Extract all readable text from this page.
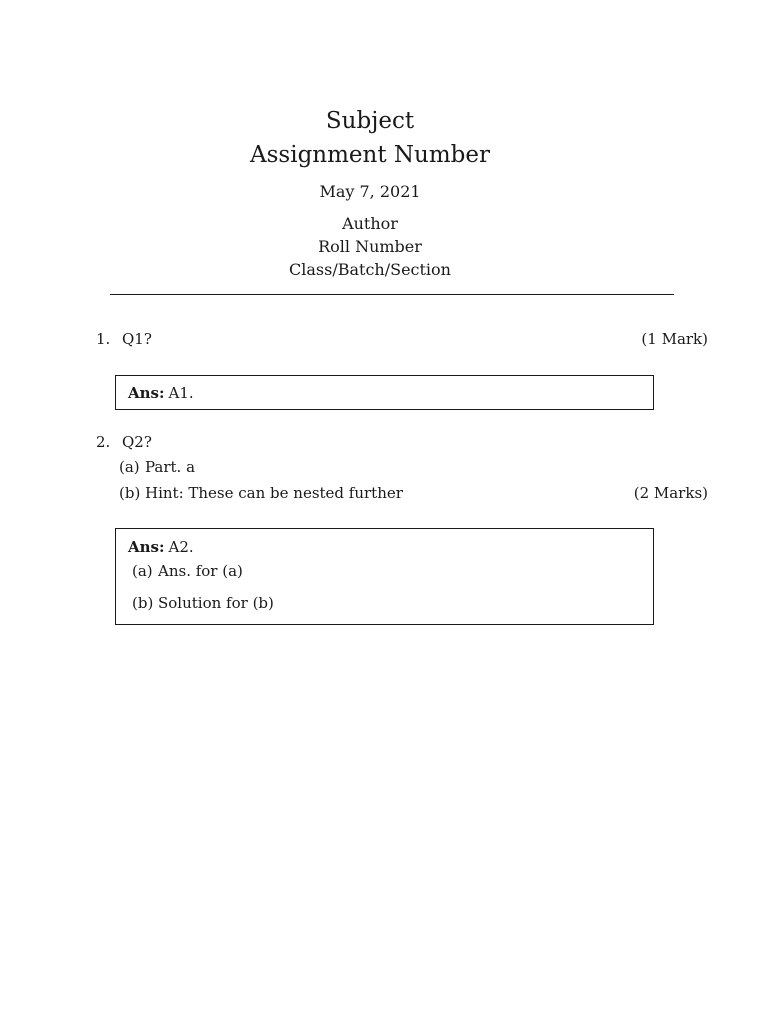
Subject
Assignment Number
May 7, 2021
Author
Roll Number
Class/Batch/Section
1. Q1?	(1 Mark)
Ans: A1.
2. Q2?
(a) Part. a
(b) Hint: These can be nested further	(2 Marks)
Ans: A2.
(a) Ans. for (a)
(b) Solution for (b)
